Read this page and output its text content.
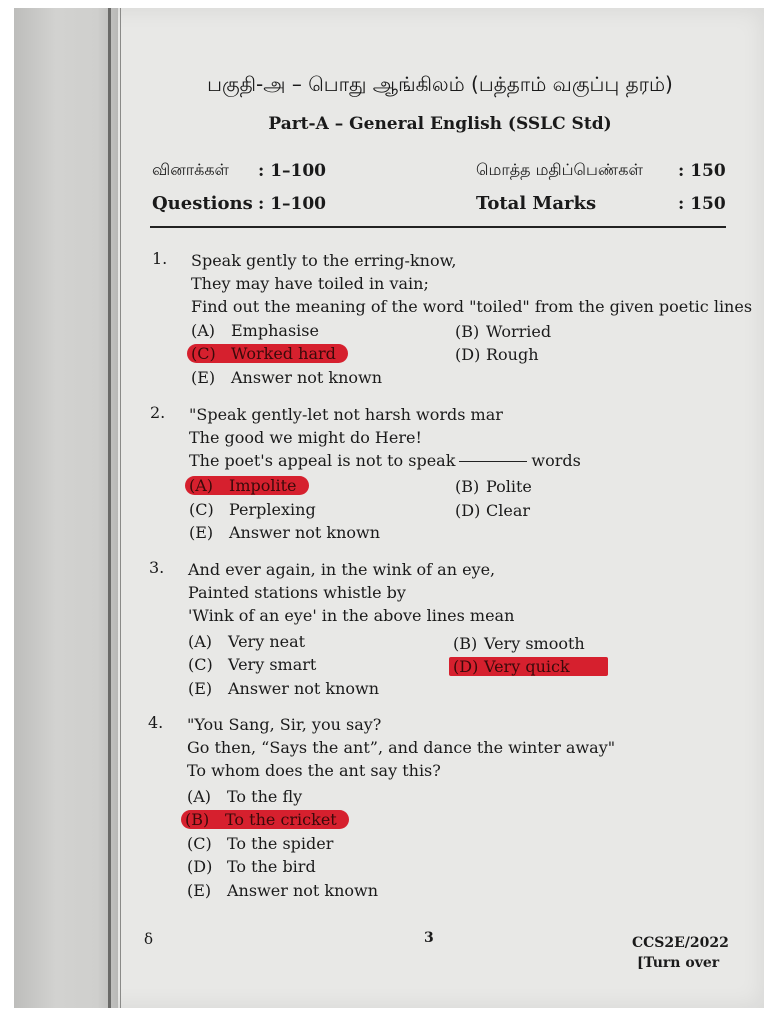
பகுதி-அ – பொது ஆங்கிலம் (பத்தாம் வகுப்பு தரம்)
Part-A – General English (SSLC Std)
வினாக்கள் : 1–100	மொத்த மதிப்பெண்கள் : 150
Questions : 1–100	Total Marks	: 150
1. Speak gently to the erring-know,
They may have toiled in vain;
Find out the meaning of the word "toiled" from the given poetic lines
(A) Emphasise	(B) Worried
(C) Worked hard	(D) Rough
(E) Answer not known
2. "Speak gently-let not harsh words mar
The good we might do Here!
The poet's appeal is not to speak	words
(A) Impolite	(B) Polite
(C) Perplexing	(D) Clear
(E) Answer not known
3. And ever again, in the wink of an eye,
Painted stations whistle by
'Wink of an eye' in the above lines mean
(A) Very neat	(B) Very smooth
(C) Very smart	(D) Very quick
(E) Answer not known
4. "You Sang, Sir, you say?
Go then, “Says the ant”, and dance the winter away"
To whom does the ant say this?
(A) To the fly
(B) To the cricket
(C) To the spider
(D) To the bird
(E) Answer not known
δ	3	CCS2E/2022
[Turn over
